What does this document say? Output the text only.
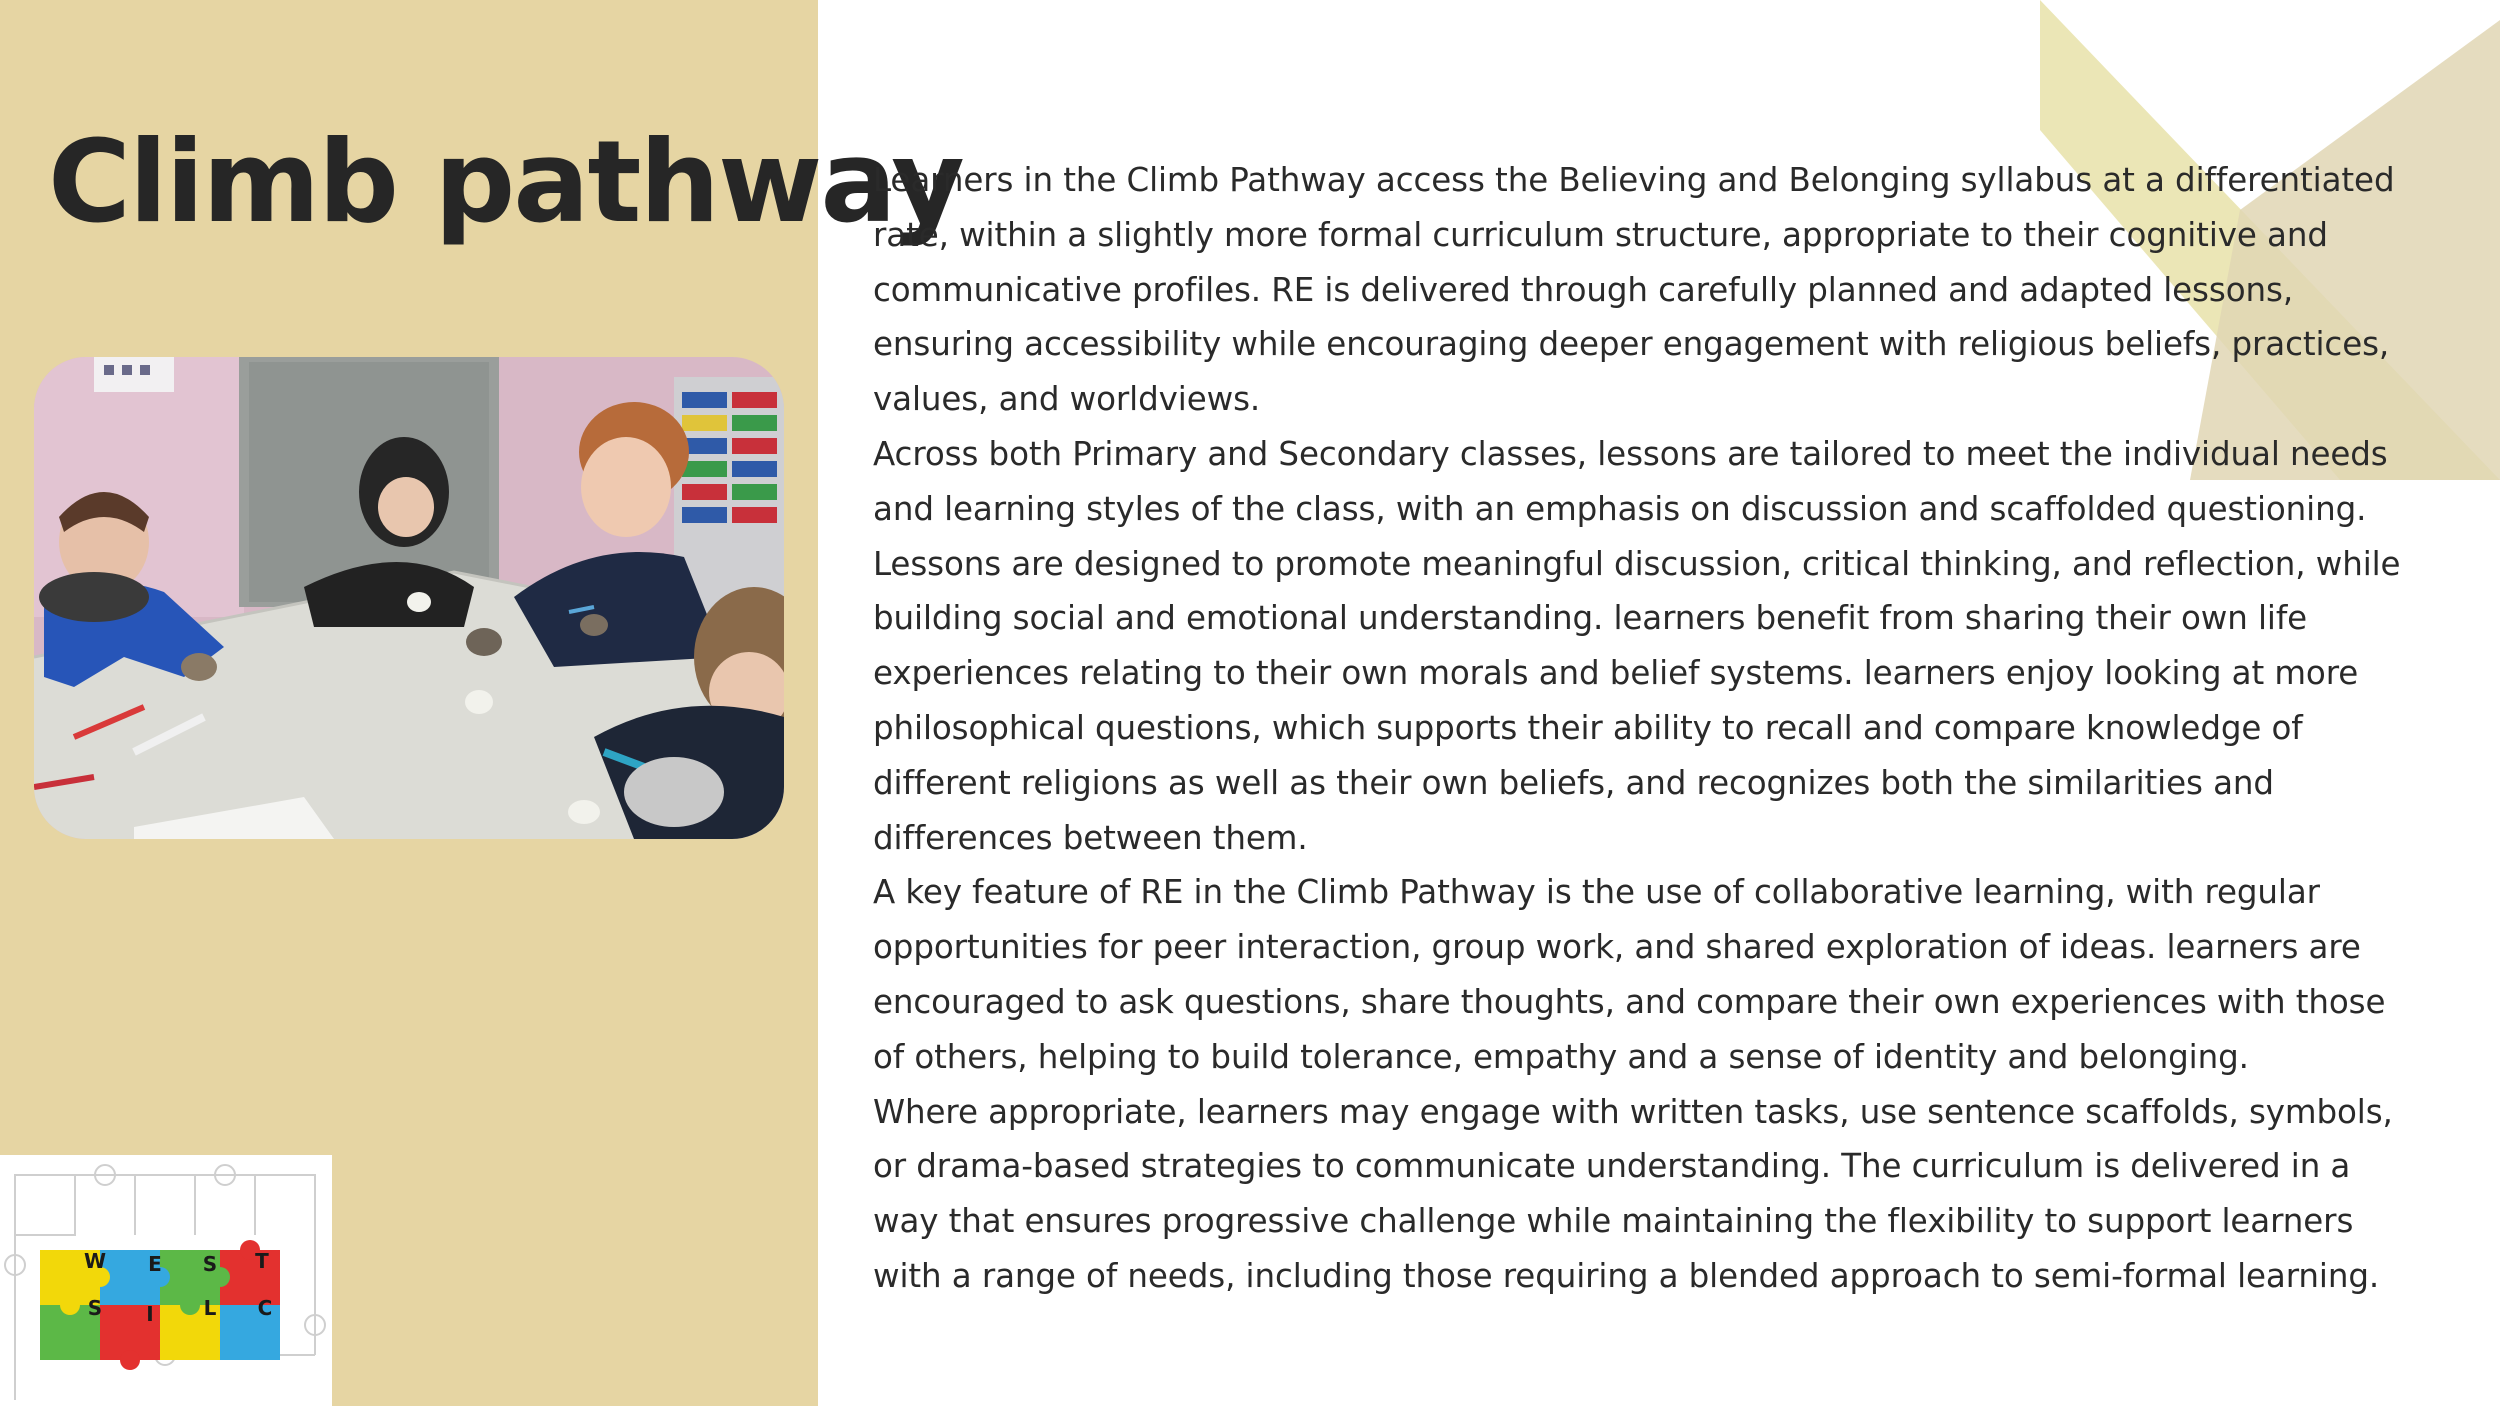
Climb pathway
W E S T
S I L C

Learners in the Climb Pathway access the Believing and Belonging syllabus at a differentiated rate, within a slightly more formal curriculum structure, appropriate to their cognitive and communicative profiles. RE is delivered through carefully planned and adapted lessons, ensuring accessibility while encouraging deeper engagement with religious beliefs, practices, values, and worldviews.

Across both Primary and Secondary classes, lessons are tailored to meet the individual needs and learning styles of the class, with an emphasis on discussion and scaffolded questioning. Lessons are designed to promote meaningful discussion, critical thinking, and reflection, while building social and emotional understanding. learners benefit from sharing their own life experiences relating to their own morals and belief systems. learners enjoy looking at more philosophical questions, which supports their ability to recall and compare knowledge of different religions as well as their own beliefs, and recognizes both the similarities and differences between them.

A key feature of RE in the Climb Pathway is the use of collaborative learning, with regular opportunities for peer interaction, group work, and shared exploration of ideas. learners are encouraged to ask questions, share thoughts, and compare their own experiences with those of others, helping to build tolerance, empathy and a sense of identity and belonging.

Where appropriate, learners may engage with written tasks, use sentence scaffolds, symbols, or drama-based strategies to communicate understanding. The curriculum is delivered in a way that ensures progressive challenge while maintaining the flexibility to support learners with a range of needs, including those requiring a blended approach to semi-formal learning.
